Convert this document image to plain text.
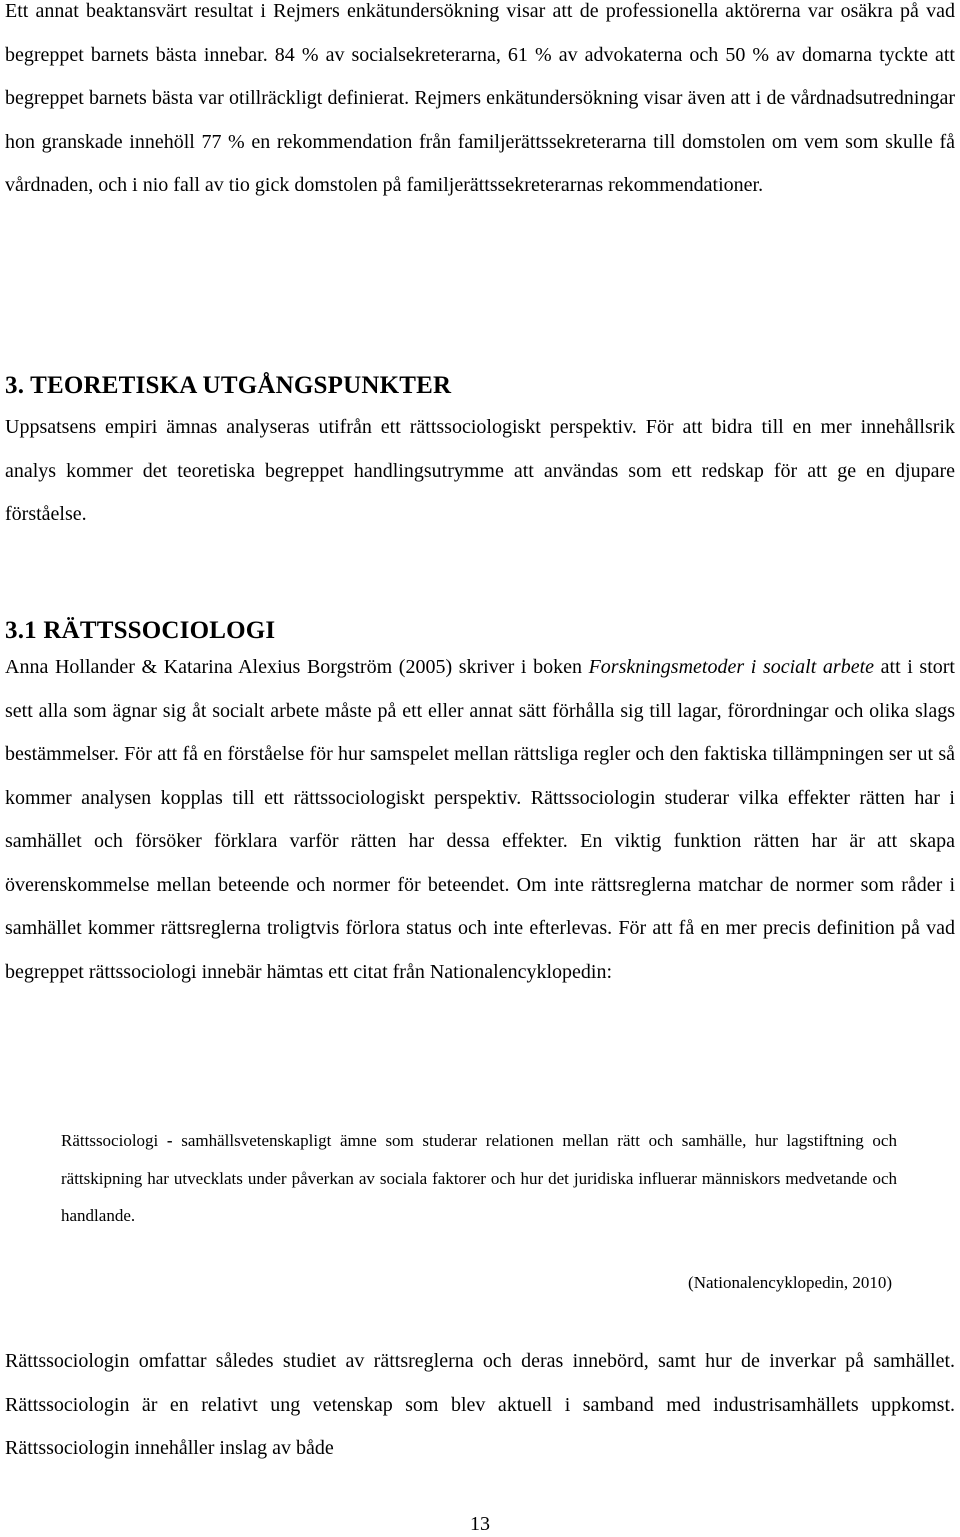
Ett annat beaktansvärt resultat i Rejmers enkätundersökning visar att de professionella aktörerna var osäkra på vad begreppet barnets bästa innebar. 84 % av socialsekreterarna, 61 % av advokaterna och 50 % av domarna tyckte att begreppet barnets bästa var otillräckligt definierat. Rejmers enkätundersökning visar även att i de vårdnadsutredningar hon granskade innehöll 77 % en rekommendation från familjerättssekreterarna till domstolen om vem som skulle få vårdnaden, och i nio fall av tio gick domstolen på familjerättssekreterarnas rekommendationer.

3. TEORETISKA UTGÅNGSPUNKTER

Uppsatsens empiri ämnas analyseras utifrån ett rättssociologiskt perspektiv. För att bidra till en mer innehållsrik analys kommer det teoretiska begreppet handlingsutrymme att användas som ett redskap för att ge en djupare förståelse.

3.1 RÄTTSSOCIOLOGI

Anna Hollander & Katarina Alexius Borgström (2005) skriver i boken Forskningsmetoder i socialt arbete att i stort sett alla som ägnar sig åt socialt arbete måste på ett eller annat sätt förhålla sig till lagar, förordningar och olika slags bestämmelser. För att få en förståelse för hur samspelet mellan rättsliga regler och den faktiska tillämpningen ser ut så kommer analysen kopplas till ett rättssociologiskt perspektiv. Rättssociologin studerar vilka effekter rätten har i samhället och försöker förklara varför rätten har dessa effekter. En viktig funktion rätten har är att skapa överenskommelse mellan beteende och normer för beteendet. Om inte rättsreglerna matchar de normer som råder i samhället kommer rättsreglerna troligtvis förlora status och inte efterlevas. För att få en mer precis definition på vad begreppet rättssociologi innebär hämtas ett citat från Nationalencyklopedin:

Rättssociologi - samhällsvetenskapligt ämne som studerar relationen mellan rätt och samhälle, hur lagstiftning och rättskipning har utvecklats under påverkan av sociala faktorer och hur det juridiska influerar människors medvetande och handlande.

(Nationalencyklopedin, 2010)

Rättssociologin omfattar således studiet av rättsreglerna och deras innebörd, samt hur de inverkar på samhället. Rättssociologin är en relativt ung vetenskap som blev aktuell i samband med industrisamhällets uppkomst. Rättssociologin innehåller inslag av både

13
